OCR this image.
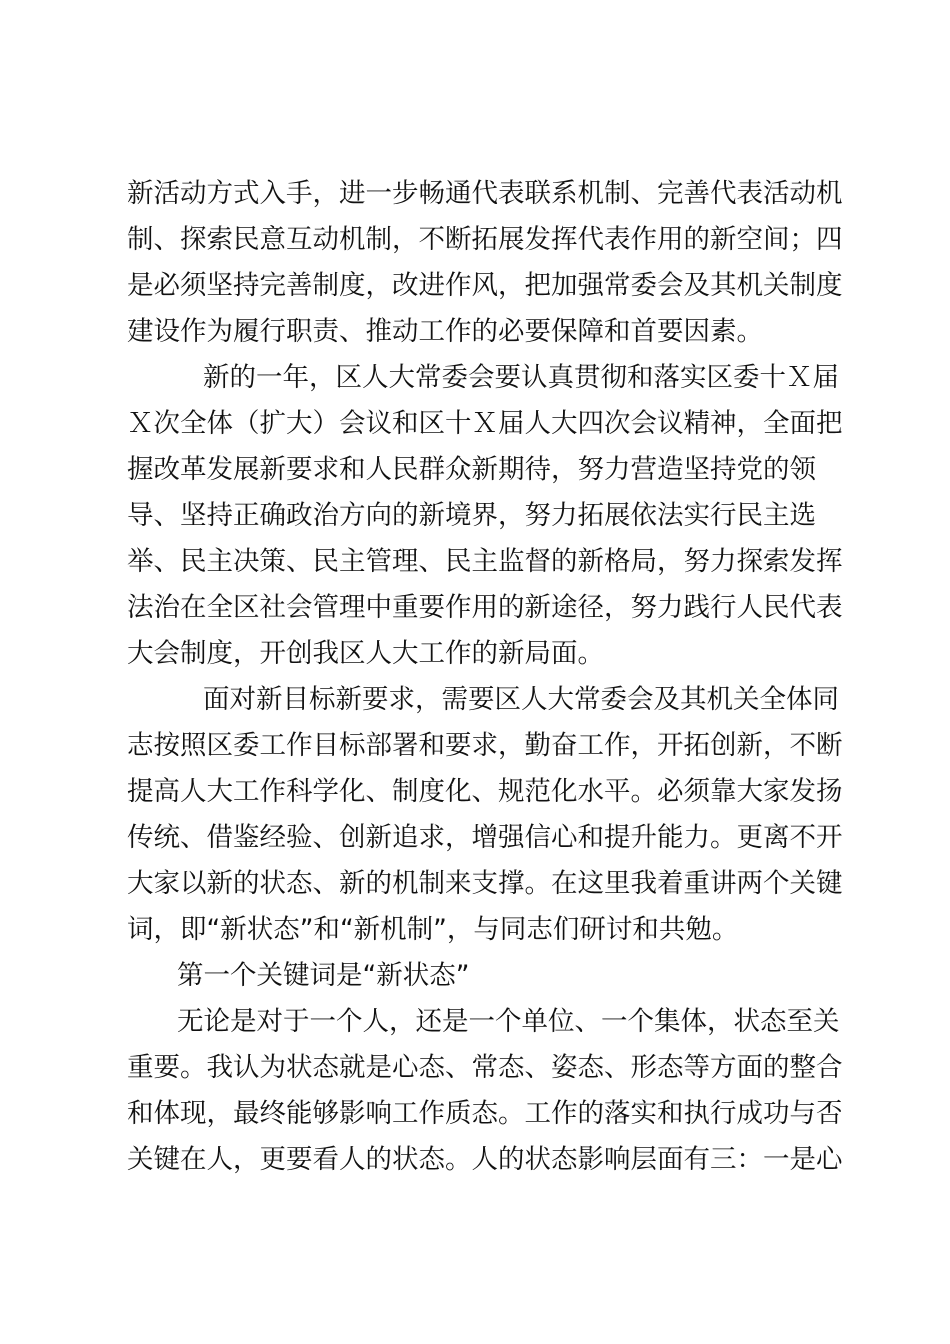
新活动方式入手，进一步畅通代表联系机制、完善代表活动机
制、探索民意互动机制，不断拓展发挥代表作用的新空间；四
是必须坚持完善制度，改进作风，把加强常委会及其机关制度
建设作为履行职责、推动工作的必要保障和首要因素。
新的一年，区人大常委会要认真贯彻和落实区委十Ｘ届
Ｘ次全体（扩大）会议和区十Ｘ届人大四次会议精神，全面把
握改革发展新要求和人民群众新期待，努力营造坚持党的领
导、坚持正确政治方向的新境界，努力拓展依法实行民主选
举、民主决策、民主管理、民主监督的新格局，努力探索发挥
法治在全区社会管理中重要作用的新途径，努力践行人民代表
大会制度，开创我区人大工作的新局面。
面对新目标新要求，需要区人大常委会及其机关全体同
志按照区委工作目标部署和要求，勤奋工作，开拓创新，不断
提高人大工作科学化、制度化、规范化水平。必须靠大家发扬
传统、借鉴经验、创新追求，增强信心和提升能力。更离不开
大家以新的状态、新的机制来支撑。在这里我着重讲两个关键
词，即“新状态”和“新机制”，与同志们研讨和共勉。
第一个关键词是“新状态”
无论是对于一个人，还是一个单位、一个集体，状态至关
重要。我认为状态就是心态、常态、姿态、形态等方面的整合
和体现，最终能够影响工作质态。工作的落实和执行成功与否
关键在人，更要看人的状态。人的状态影响层面有三：一是心
